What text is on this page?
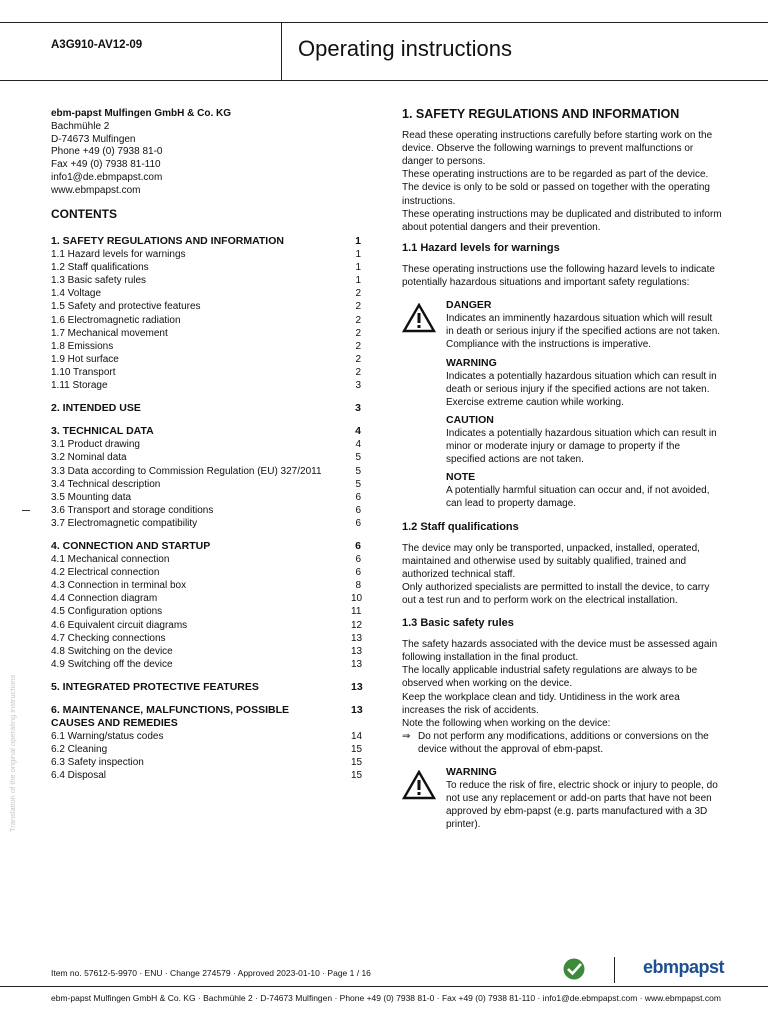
A3G910-AV12-09	Operating instructions
Translation of the original operating instructions
ebm-papst Mulfingen GmbH & Co. KG
Bachmühle 2
D-74673 Mulfingen
Phone +49 (0) 7938 81-0
Fax +49 (0) 7938 81-110
info1@de.ebmpapst.com
www.ebmpapst.com
CONTENTS
1. SAFETY REGULATIONS AND INFORMATION	1
1.1 Hazard levels for warnings	1
1.2 Staff qualifications	1
1.3 Basic safety rules	1
1.4 Voltage	2
1.5 Safety and protective features	2
1.6 Electromagnetic radiation	2
1.7 Mechanical movement	2
1.8 Emissions	2
1.9 Hot surface	2
1.10 Transport	2
1.11 Storage	3
2. INTENDED USE	3
3. TECHNICAL DATA	4
3.1 Product drawing	4
3.2 Nominal data	5
3.3 Data according to Commission Regulation (EU) 327/2011	5
3.4 Technical description	5
3.5 Mounting data	6
3.6 Transport and storage conditions	6
3.7 Electromagnetic compatibility	6
4. CONNECTION AND STARTUP	6
4.1 Mechanical connection	6
4.2 Electrical connection	6
4.3 Connection in terminal box	8
4.4 Connection diagram	10
4.5 Configuration options	11
4.6 Equivalent circuit diagrams	12
4.7 Checking connections	13
4.8 Switching on the device	13
4.9 Switching off the device	13
5. INTEGRATED PROTECTIVE FEATURES	13
6. MAINTENANCE, MALFUNCTIONS, POSSIBLE	13
CAUSES AND REMEDIES
6.1 Warning/status codes	14
6.2 Cleaning	15
6.3 Safety inspection	15
6.4 Disposal	15
1. SAFETY REGULATIONS AND INFORMATION
Read these operating instructions carefully before starting work on the device. Observe the following warnings to prevent malfunctions or danger to persons.
These operating instructions are to be regarded as part of the device. The device is only to be sold or passed on together with the operating instructions.
These operating instructions may be duplicated and distributed to inform about potential dangers and their prevention.
1.1 Hazard levels for warnings
These operating instructions use the following hazard levels to indicate potentially hazardous situations and important safety regulations:
DANGER
Indicates an imminently hazardous situation which will result in death or serious injury if the specified actions are not taken. Compliance with the instructions is imperative.
WARNING
Indicates a potentially hazardous situation which can result in death or serious injury if the specified actions are not taken. Exercise extreme caution while working.
CAUTION
Indicates a potentially hazardous situation which can result in minor or moderate injury or damage to property if the specified actions are not taken.
NOTE
A potentially harmful situation can occur and, if not avoided, can lead to property damage.
1.2 Staff qualifications
The device may only be transported, unpacked, installed, operated, maintained and otherwise used by suitably qualified, trained and authorized technical staff.
Only authorized specialists are permitted to install the device, to carry out a test run and to perform work on the electrical installation.
1.3 Basic safety rules
The safety hazards associated with the device must be assessed again following installation in the final product.
The locally applicable industrial safety regulations are always to be observed when working on the device.
Keep the workplace clean and tidy. Untidiness in the work area increases the risk of accidents.
Note the following when working on the device:
⇒ Do not perform any modifications, additions or conversions on the device without the approval of ebm-papst.
WARNING
To reduce the risk of fire, electric shock or injury to people, do not use any replacement or add-on parts that have not been approved by ebm-papst (e.g. parts manufactured with a 3D printer).
Item no. 57612-5-9970 · ENU · Change 274579 · Approved 2023-01-10 · Page 1 / 16	ebmpapst
ebm-papst Mulfingen GmbH & Co. KG · Bachmühle 2 · D-74673 Mulfingen · Phone +49 (0) 7938 81-0 · Fax +49 (0) 7938 81-110 · info1@de.ebmpapst.com · www.ebmpapst.com
